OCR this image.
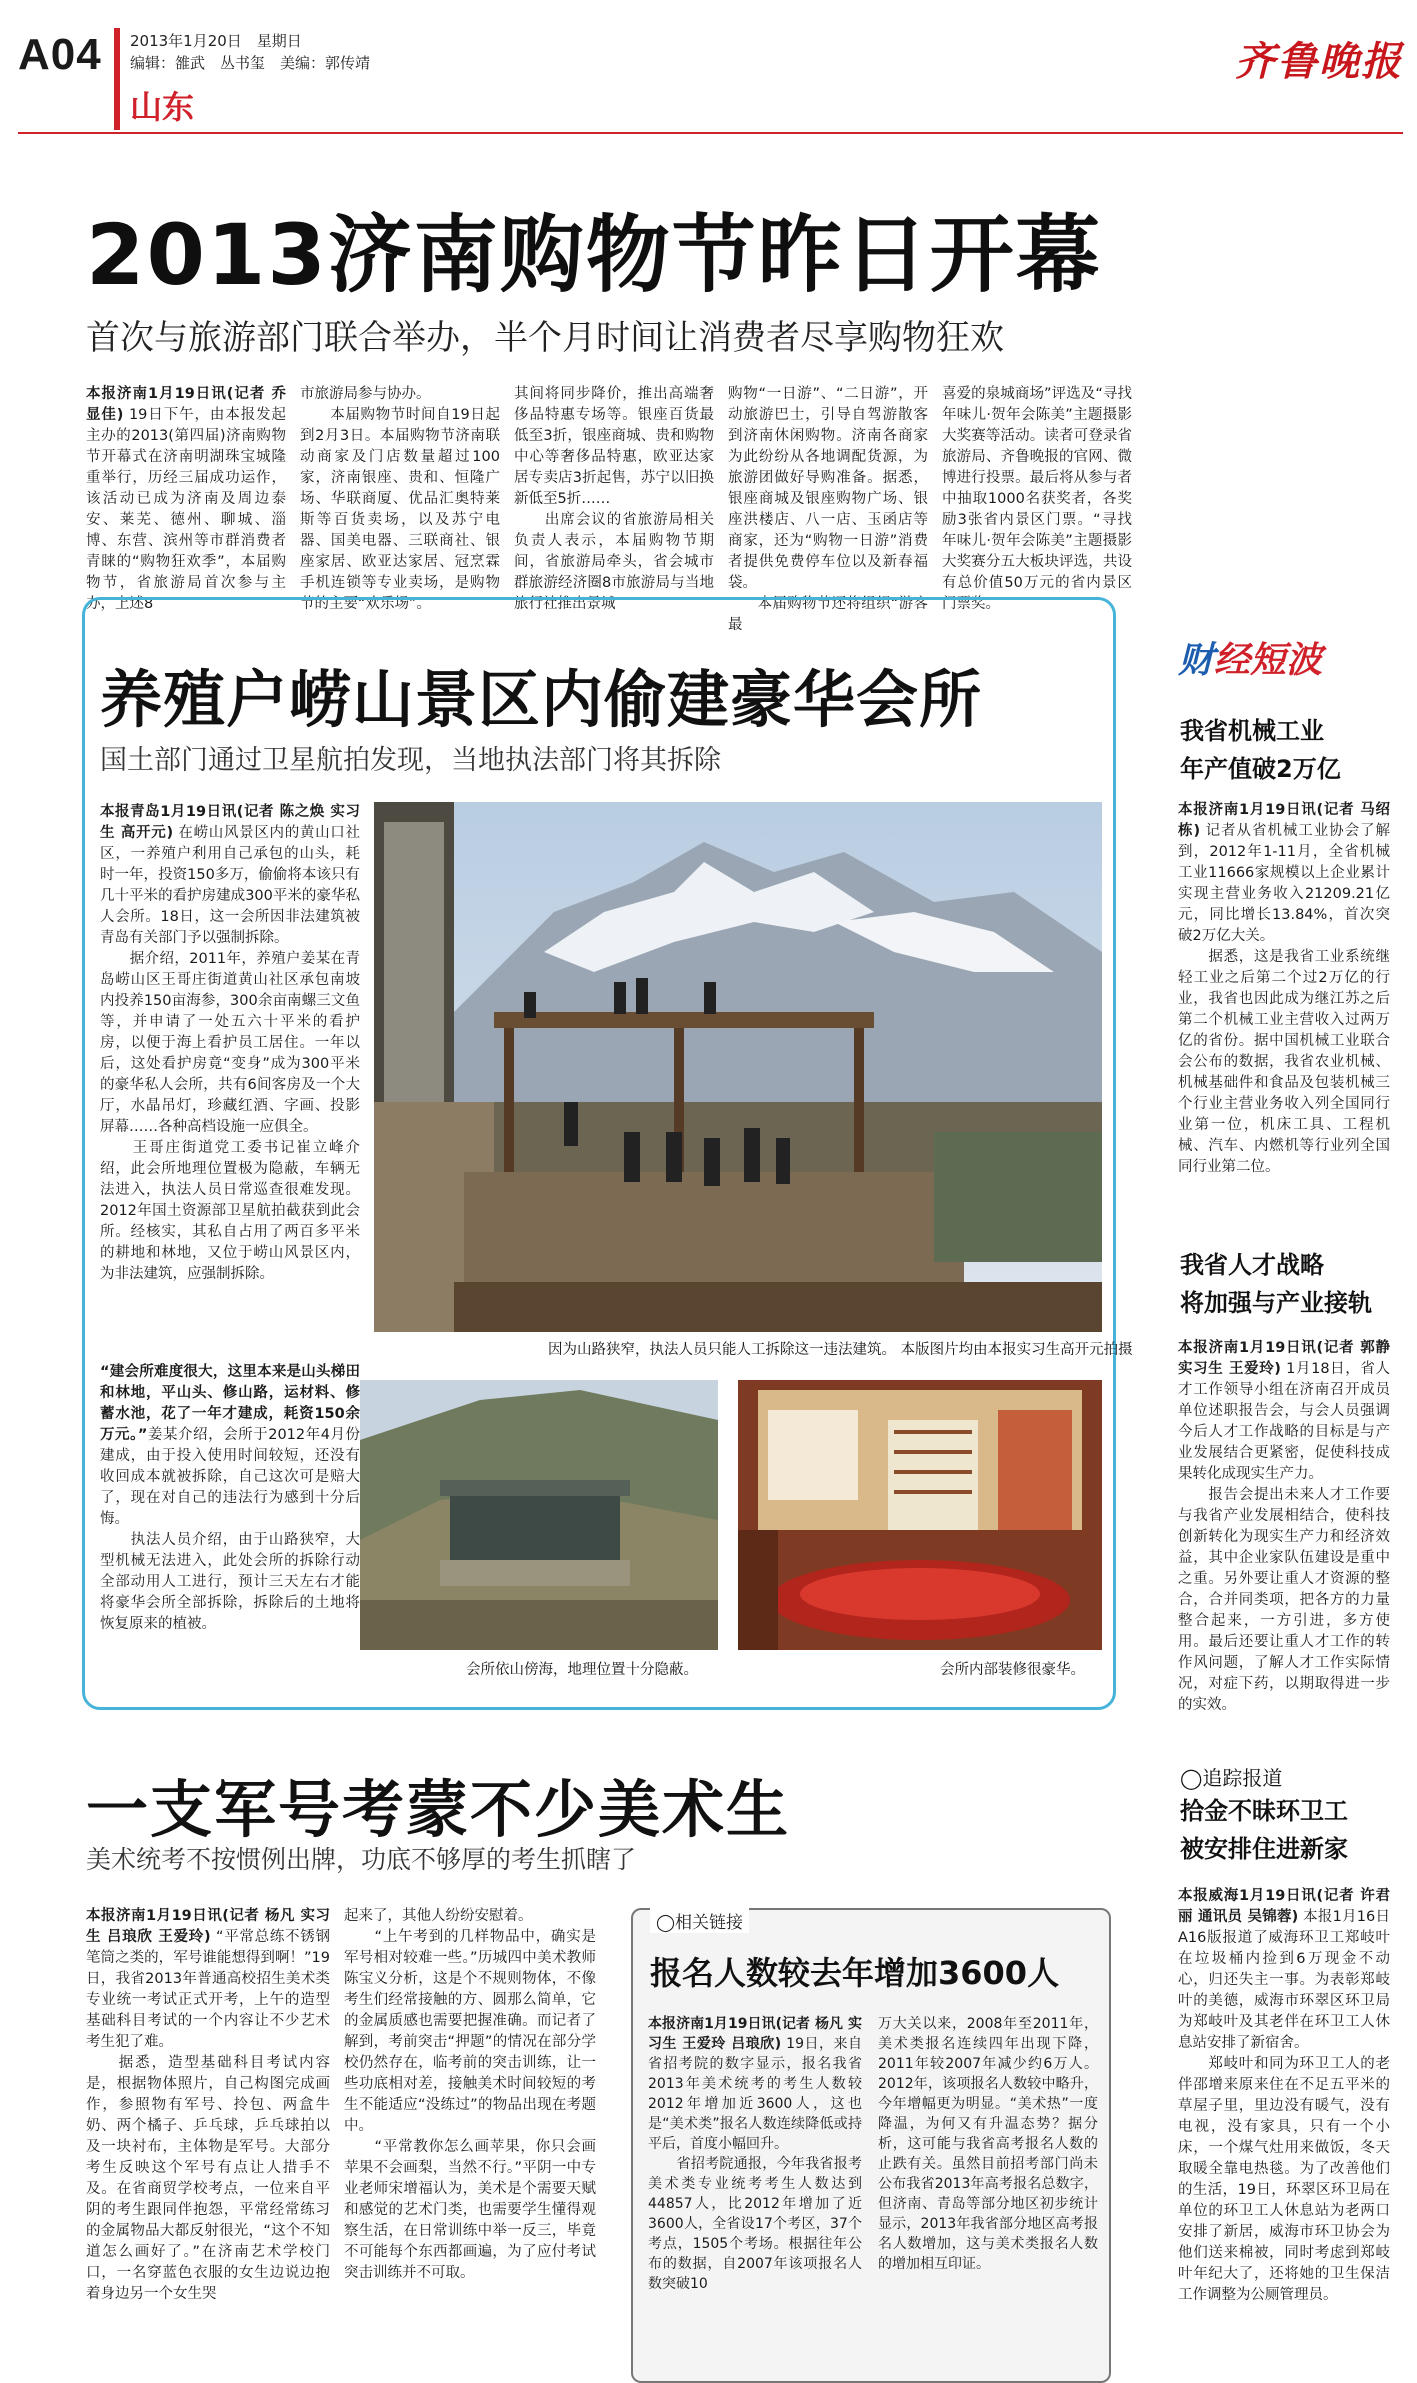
A04 2013年1月20日　星期日
编辑：雒武　丛书玺　美编：郭传靖
山东
齐鲁晚报
2013济南购物节昨日开幕
首次与旅游部门联合举办，半个月时间让消费者尽享购物狂欢
本报济南1月19日讯(记者 乔显佳) 19日下午，由本报发起主办的2013(第四届)济南购物节开幕式在济南明湖珠宝城隆重举行，历经三届成功运作，该活动已成为济南及周边泰安、莱芜、德州、聊城、淄博、东营、滨州等市群消费者青睐的“购物狂欢季”，本届购物节，省旅游局首次参与主办，上述8
市旅游局参与协办。
　　本届购物节时间自19日起到2月3日。本届购物节济南联动商家及门店数量超过100家，济南银座、贵和、恒隆广场、华联商厦、优品汇奥特莱斯等百货卖场，以及苏宁电器、国美电器、三联商社、银座家居、欧亚达家居、冠烹霖手机连锁等专业卖场，是购物节的主要“欢乐场”。
其间将同步降价，推出高端奢侈品特惠专场等。银座百货最低至3折，银座商城、贵和购物中心等奢侈品特惠，欧亚达家居专卖店3折起售，苏宁以旧换新低至5折……
　　出席会议的省旅游局相关负责人表示，本届购物节期间，省旅游局牵头，省会城市群旅游经济圈8市旅游局与当地旅行社推出景城
购物“一日游”、“二日游”，开动旅游巴士，引导自驾游散客到济南休闲购物。济南各商家为此纷纷从各地调配货源，为旅游团做好导购准备。据悉，银座商城及银座购物广场、银座洪楼店、八一店、玉函店等商家，还为“购物一日游”消费者提供免费停车位以及新春福袋。
　　本届购物节还将组织“游客最
喜爱的泉城商场”评选及“寻找年味儿·贺年会陈美”主题摄影大奖赛等活动。读者可登录省旅游局、齐鲁晚报的官网、微博进行投票。最后将从参与者中抽取1000名获奖者，各奖励3张省内景区门票。“寻找年味儿·贺年会陈美”主题摄影大奖赛分五大板块评选，共设有总价值50万元的省内景区门票奖。
养殖户崂山景区内偷建豪华会所
国土部门通过卫星航拍发现，当地执法部门将其拆除
本报青岛1月19日讯(记者 陈之焕 实习生 高开元) 在崂山风景区内的黄山口社区，一养殖户利用自己承包的山头，耗时一年，投资150多万，偷偷将本该只有几十平米的看护房建成300平米的豪华私人会所。18日，这一会所因非法建筑被青岛有关部门予以强制拆除。
　　据介绍，2011年，养殖户姜某在青岛崂山区王哥庄街道黄山社区承包南坡内投养150亩海参，300余亩南螺三文鱼等，并申请了一处五六十平米的看护房，以便于海上看护员工居住。一年以后，这处看护房竟“变身”成为300平米的豪华私人会所，共有6间客房及一个大厅，水晶吊灯，珍藏红酒、字画、投影屏幕……各种高档设施一应俱全。
　　王哥庄街道党工委书记崔立峰介绍，此会所地理位置极为隐蔽，车辆无法进入，执法人员日常巡查很难发现。2012年国土资源部卫星航拍截获到此会所。经核实，其私自占用了两百多平米的耕地和林地，又位于崂山风景区内，为非法建筑，应强制拆除。
“建会所难度很大，这里本来是山头梯田和林地，平山头、修山路，运材料、修蓄水池，花了一年才建成，耗资150余万元。”姜某介绍，会所于2012年4月份建成，由于投入使用时间较短，还没有收回成本就被拆除，自己这次可是赔大了，现在对自己的违法行为感到十分后悔。
　　执法人员介绍，由于山路狭窄，大型机械无法进入，此处会所的拆除行动全部动用人工进行，预计三天左右才能将豪华会所全部拆除，拆除后的土地将恢复原来的植被。
因为山路狭窄，执法人员只能人工拆除这一违法建筑。 本版图片均由本报实习生高开元拍摄
会所依山傍海，地理位置十分隐蔽。	会所内部装修很豪华。
财经短波
我省机械工业
年产值破2万亿
本报济南1月19日讯(记者 马绍栋) 记者从省机械工业协会了解到，2012年1-11月，全省机械工业11666家规模以上企业累计实现主营业务收入21209.21亿元，同比增长13.84%，首次突破2万亿大关。
　　据悉，这是我省工业系统继轻工业之后第二个过2万亿的行业，我省也因此成为继江苏之后第二个机械工业主营收入过两万亿的省份。据中国机械工业联合会公布的数据，我省农业机械、机械基础件和食品及包装机械三个行业主营业务收入列全国同行业第一位，机床工具、工程机械、汽车、内燃机等行业列全国同行业第二位。
我省人才战略
将加强与产业接轨
本报济南1月19日讯(记者 郭静 实习生 王爱玲) 1月18日，省人才工作领导小组在济南召开成员单位述职报告会，与会人员强调今后人才工作战略的目标是与产业发展结合更紧密，促使科技成果转化成现实生产力。
　　报告会提出未来人才工作要与我省产业发展相结合，使科技创新转化为现实生产力和经济效益，其中企业家队伍建设是重中之重。另外要让重人才资源的整合，合并同类项，把各方的力量整合起来，一方引进，多方使用。最后还要让重人才工作的转作风问题，了解人才工作实际情况，对症下药，以期取得进一步的实效。
◯追踪报道
拾金不昧环卫工
被安排住进新家
本报威海1月19日讯(记者 许君丽 通讯员 吴锦蓉) 本报1月16日A16版报道了威海环卫工郑岐叶在垃圾桶内捡到6万现金不动心，归还失主一事。为表彰郑岐叶的美德，威海市环翠区环卫局为郑岐叶及其老伴在环卫工人休息站安排了新宿舍。
　　郑岐叶和同为环卫工人的老伴邵增来原来住在不足五平米的草屋子里，里边没有暖气，没有电视，没有家具，只有一个小床，一个煤气灶用来做饭，冬天取暖全靠电热毯。为了改善他们的生活，19日，环翠区环卫局在单位的环卫工人休息站为老两口安排了新居，威海市环卫协会为他们送来棉被，同时考虑到郑岐叶年纪大了，还将她的卫生保洁工作调整为公厕管理员。
一支军号考蒙不少美术生
美术统考不按惯例出牌，功底不够厚的考生抓瞎了
本报济南1月19日讯(记者 杨凡 实习生 吕琅欣 王爱玲) “平常总练不锈钢笔筒之类的，军号谁能想得到啊！”19日，我省2013年普通高校招生美术类专业统一考试正式开考，上午的造型基础科目考试的一个内容让不少艺术考生犯了难。
　　据悉，造型基础科目考试内容是，根据物体照片，自己构图完成画作，参照物有军号、拎包、两盒牛奶、两个橘子、乒乓球，乒乓球拍以及一块衬布，主体物是军号。大部分考生反映这个军号有点让人措手不及。在省商贸学校考点，一位来自平阴的考生跟同伴抱怨，平常经常练习的金属物品大都反射很光，“这个不知道怎么画好了。”在济南艺术学校门口，一名穿蓝色衣服的女生边说边抱着身边另一个女生哭
起来了，其他人纷纷安慰着。
　　“上午考到的几样物品中，确实是军号相对较难一些。”历城四中美术教师陈宝义分析，这是个不规则物体，不像考生们经常接触的方、圆那么简单，它的金属质感也需要把握准确。而记者了解到，考前突击“押题”的情况在部分学校仍然存在，临考前的突击训练，让一些功底相对差，接触美术时间较短的考生不能适应“没练过”的物品出现在考题中。
　　“平常教你怎么画苹果，你只会画苹果不会画梨，当然不行。”平阴一中专业老师宋增福认为，美术是个需要天赋和感觉的艺术门类，也需要学生懂得观察生活，在日常训练中举一反三，毕竟不可能每个东西都画遍，为了应付考试突击训练并不可取。
◯相关链接
报名人数较去年增加3600人
本报济南1月19日讯(记者 杨凡 实习生 王爱玲 吕琅欣) 19日，来自省招考院的数字显示，报名我省2013年美术统考的考生人数较2012年增加近3600人，这也是“美术类”报名人数连续降低或持平后，首度小幅回升。
　　省招考院通报，今年我省报考美术类专业统考考生人数达到44857人，比2012年增加了近3600人，全省设17个考区，37个考点，1505个考场。根据往年公布的数据，自2007年该项报名人数突破10
万大关以来，2008年至2011年，美术类报名连续四年出现下降，2011年较2007年减少约6万人。2012年，该项报名人数较中略升，今年增幅更为明显。“美术热”一度降温，为何又有升温态势？据分析，这可能与我省高考报名人数的止跌有关。虽然目前招考部门尚未公布我省2013年高考报名总数字，但济南、青岛等部分地区初步统计显示，2013年我省部分地区高考报名人数增加，这与美术类报名人数的增加相互印证。
